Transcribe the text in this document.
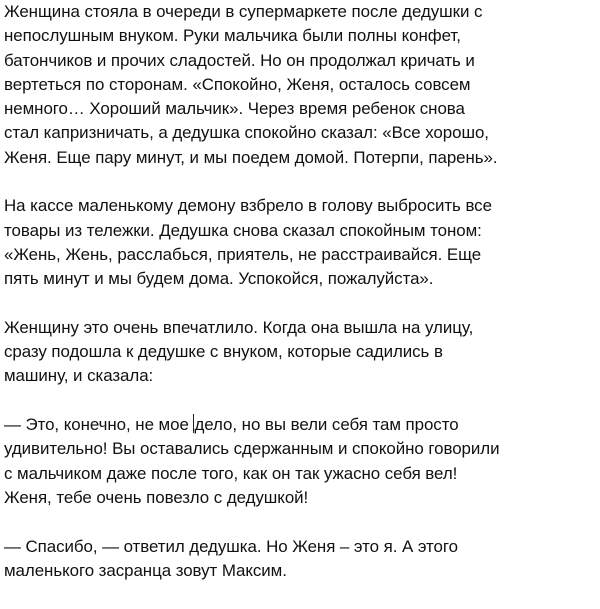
Женщина стояла в очереди в супермаркете после дедушки с
непослушным внуком. Руки мальчика были полны конфет,
батончиков и прочих сладостей. Но он продолжал кричать и
вертеться по сторонам. «Спокойно, Женя, осталось совсем
немного… Хороший мальчик». Через время ребенок снова
стал капризничать, а дедушка спокойно сказал: «Все хорошо,
Женя. Еще пару минут, и мы поедем домой. Потерпи, парень».
На кассе маленькому демону взбрело в голову выбросить все
товары из тележки. Дедушка снова сказал спокойным тоном:
«Жень, Жень, расслабься, приятель, не расстраивайся. Еще
пять минут и мы будем дома. Успокойся, пожалуйста».
Женщину это очень впечатлило. Когда она вышла на улицу,
сразу подошла к дедушке с внуком, которые садились в
машину, и сказала:
— Это, конечно, не мое дело, но вы вели себя там просто
удивительно! Вы оставались сдержанным и спокойно говорили
с мальчиком даже после того, как он так ужасно себя вел!
Женя, тебе очень повезло с дедушкой!
— Спасибо, — ответил дедушка. Но Женя – это я. А этого
маленького засранца зовут Максим.
